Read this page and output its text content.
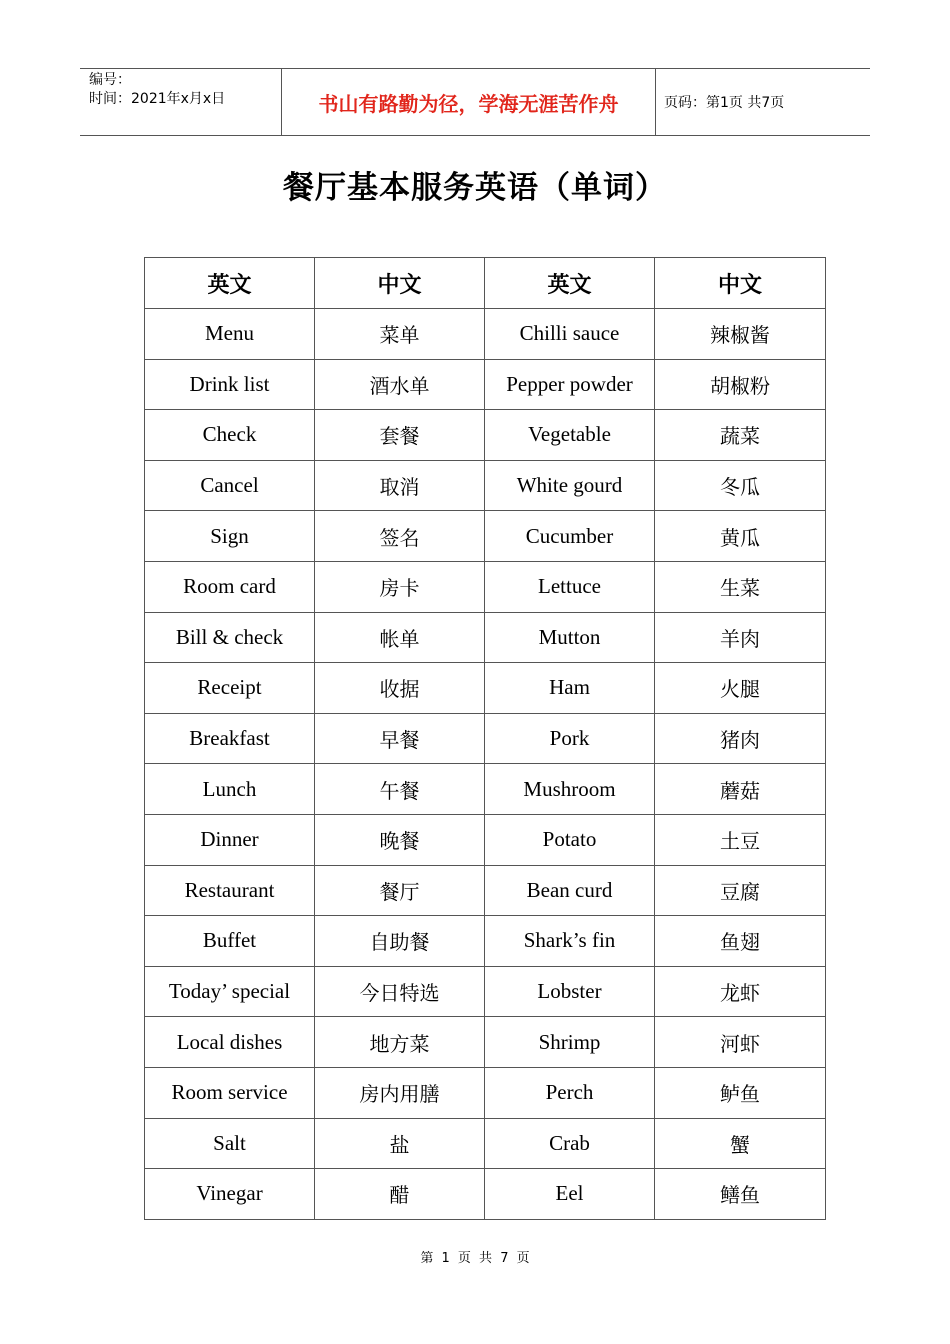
编号：
时间：2021年x月x日	书山有路勤为径，学海无涯苦作舟	页码：第1页 共7页
餐厅基本服务英语（单词）
英文	中文	英文	中文
Menu	菜单	Chilli sauce	辣椒酱
Drink list	酒水单	Pepper powder	胡椒粉
Check	套餐	Vegetable	蔬菜
Cancel	取消	White gourd	冬瓜
Sign	签名	Cucumber	黄瓜
Room card	房卡	Lettuce	生菜
Bill & check	帐单	Mutton	羊肉
Receipt	收据	Ham	火腿
Breakfast	早餐	Pork	猪肉
Lunch	午餐	Mushroom	蘑菇
Dinner	晚餐	Potato	土豆
Restaurant	餐厅	Bean curd	豆腐
Buffet	自助餐	Shark’s fin	鱼翅
Today’ special	今日特选	Lobster	龙虾
Local dishes	地方菜	Shrimp	河虾
Room service	房内用膳	Perch	鲈鱼
Salt	盐	Crab	蟹
Vinegar	醋	Eel	鳝鱼
第 1 页 共 7 页
